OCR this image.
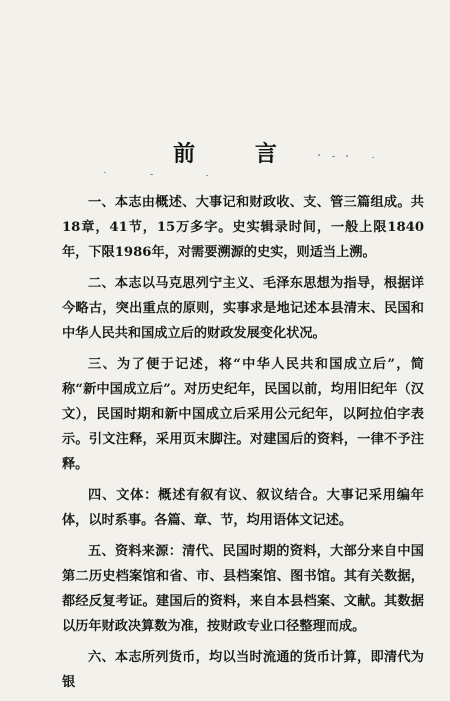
前 言

一、本志由概述、大事记和财政收、支、管三篇组成。共18章，41节，15万多字。史实辑录时间，一般上限1840年，下限1986年，对需要溯源的史实，则适当上溯。

二、本志以马克思列宁主义、毛泽东思想为指导，根据详今略古，突出重点的原则，实事求是地记述本县清末、民国和中华人民共和国成立后的财政发展变化状况。

三、为了便于记述，将“中华人民共和国成立后”，简称“新中国成立后”。对历史纪年，民国以前，均用旧纪年（汉文），民国时期和新中国成立后采用公元纪年，以阿拉伯字表示。引文注释，采用页末脚注。对建国后的资料，一律不予注释。

四、文体：概述有叙有议、叙议结合。大事记采用编年体，以时系事。各篇、章、节，均用语体文记述。

五、资料来源：清代、民国时期的资料，大部分来自中国第二历史档案馆和省、市、县档案馆、图书馆。其有关数据，都经反复考证。建国后的资料，来自本县档案、文献。其数据以历年财政决算数为准，按财政专业口径整理而成。

六、本志所列货币，均以当时流通的货币计算，即清代为银
